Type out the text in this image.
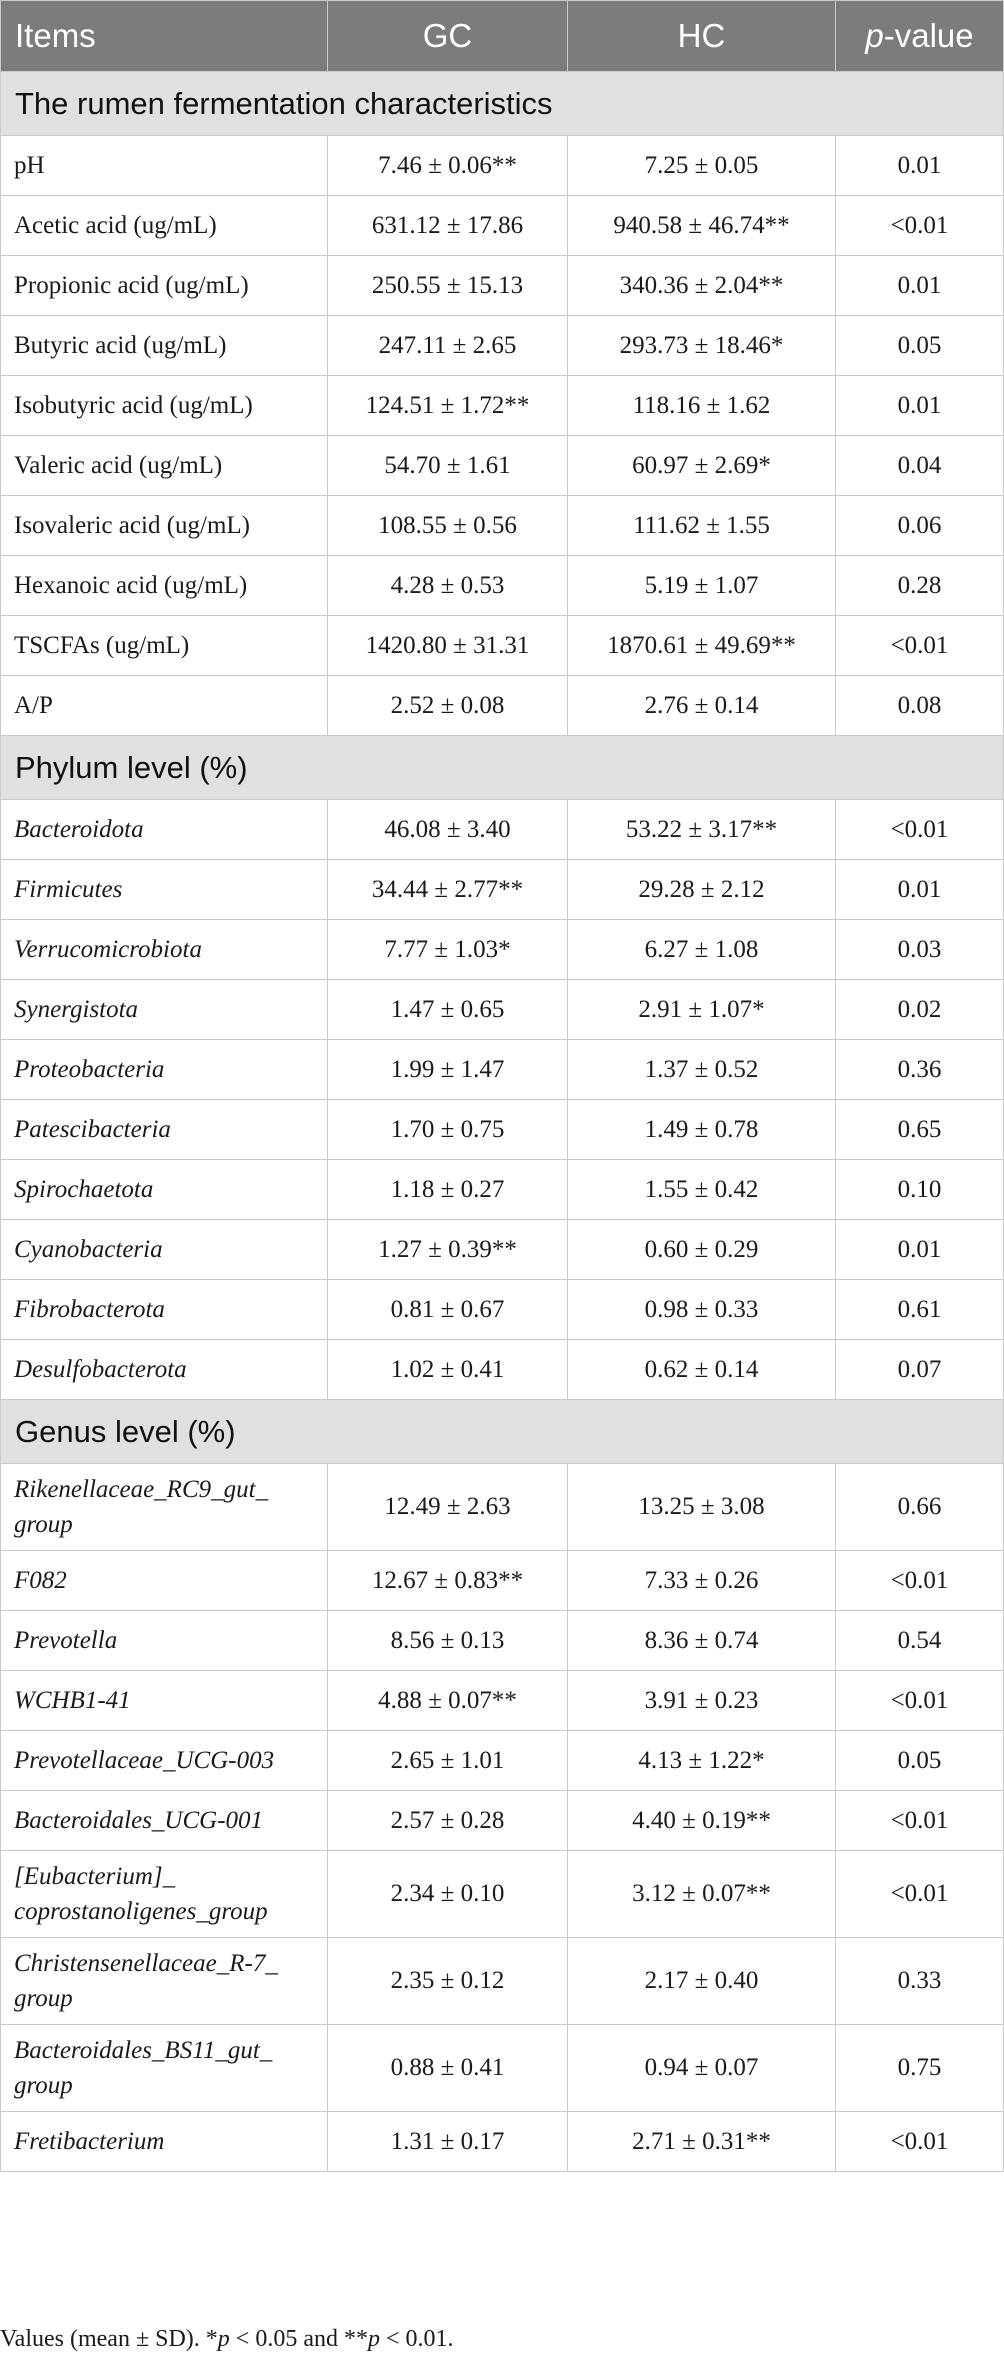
Items	GC	HC	p-value
The rumen fermentation characteristics			
pH	7.46 ± 0.06**	7.25 ± 0.05	0.01
Acetic acid (ug/mL)	631.12 ± 17.86	940.58 ± 46.74**	<0.01
Propionic acid (ug/mL)	250.55 ± 15.13	340.36 ± 2.04**	0.01
Butyric acid (ug/mL)	247.11 ± 2.65	293.73 ± 18.46*	0.05
Isobutyric acid (ug/mL)	124.51 ± 1.72**	118.16 ± 1.62	0.01
Valeric acid (ug/mL)	54.70 ± 1.61	60.97 ± 2.69*	0.04
Isovaleric acid (ug/mL)	108.55 ± 0.56	111.62 ± 1.55	0.06
Hexanoic acid (ug/mL)	4.28 ± 0.53	5.19 ± 1.07	0.28
TSCFAs (ug/mL)	1420.80 ± 31.31	1870.61 ± 49.69**	<0.01
A/P	2.52 ± 0.08	2.76 ± 0.14	0.08
Phylum level (%)			
Bacteroidota	46.08 ± 3.40	53.22 ± 3.17**	<0.01
Firmicutes	34.44 ± 2.77**	29.28 ± 2.12	0.01
Verrucomicrobiota	7.77 ± 1.03*	6.27 ± 1.08	0.03
Synergistota	1.47 ± 0.65	2.91 ± 1.07*	0.02
Proteobacteria	1.99 ± 1.47	1.37 ± 0.52	0.36
Patescibacteria	1.70 ± 0.75	1.49 ± 0.78	0.65
Spirochaetota	1.18 ± 0.27	1.55 ± 0.42	0.10
Cyanobacteria	1.27 ± 0.39**	0.60 ± 0.29	0.01
Fibrobacterota	0.81 ± 0.67	0.98 ± 0.33	0.61
Desulfobacterota	1.02 ± 0.41	0.62 ± 0.14	0.07
Genus level (%)			
Rikenellaceae_RC9_gut_ group	12.49 ± 2.63	13.25 ± 3.08	0.66
F082	12.67 ± 0.83**	7.33 ± 0.26	<0.01
Prevotella	8.56 ± 0.13	8.36 ± 0.74	0.54
WCHB1-41	4.88 ± 0.07**	3.91 ± 0.23	<0.01
Prevotellaceae_UCG-003	2.65 ± 1.01	4.13 ± 1.22*	0.05
Bacteroidales_UCG-001	2.57 ± 0.28	4.40 ± 0.19**	<0.01
[Eubacterium]_ coprostanoligenes_group	2.34 ± 0.10	3.12 ± 0.07**	<0.01
Christensenellaceae_R-7_ group	2.35 ± 0.12	2.17 ± 0.40	0.33
Bacteroidales_BS11_gut_ group	0.88 ± 0.41	0.94 ± 0.07	0.75
Fretibacterium	1.31 ± 0.17	2.71 ± 0.31**	<0.01
Values (mean ± SD). *p < 0.05 and **p < 0.01.
